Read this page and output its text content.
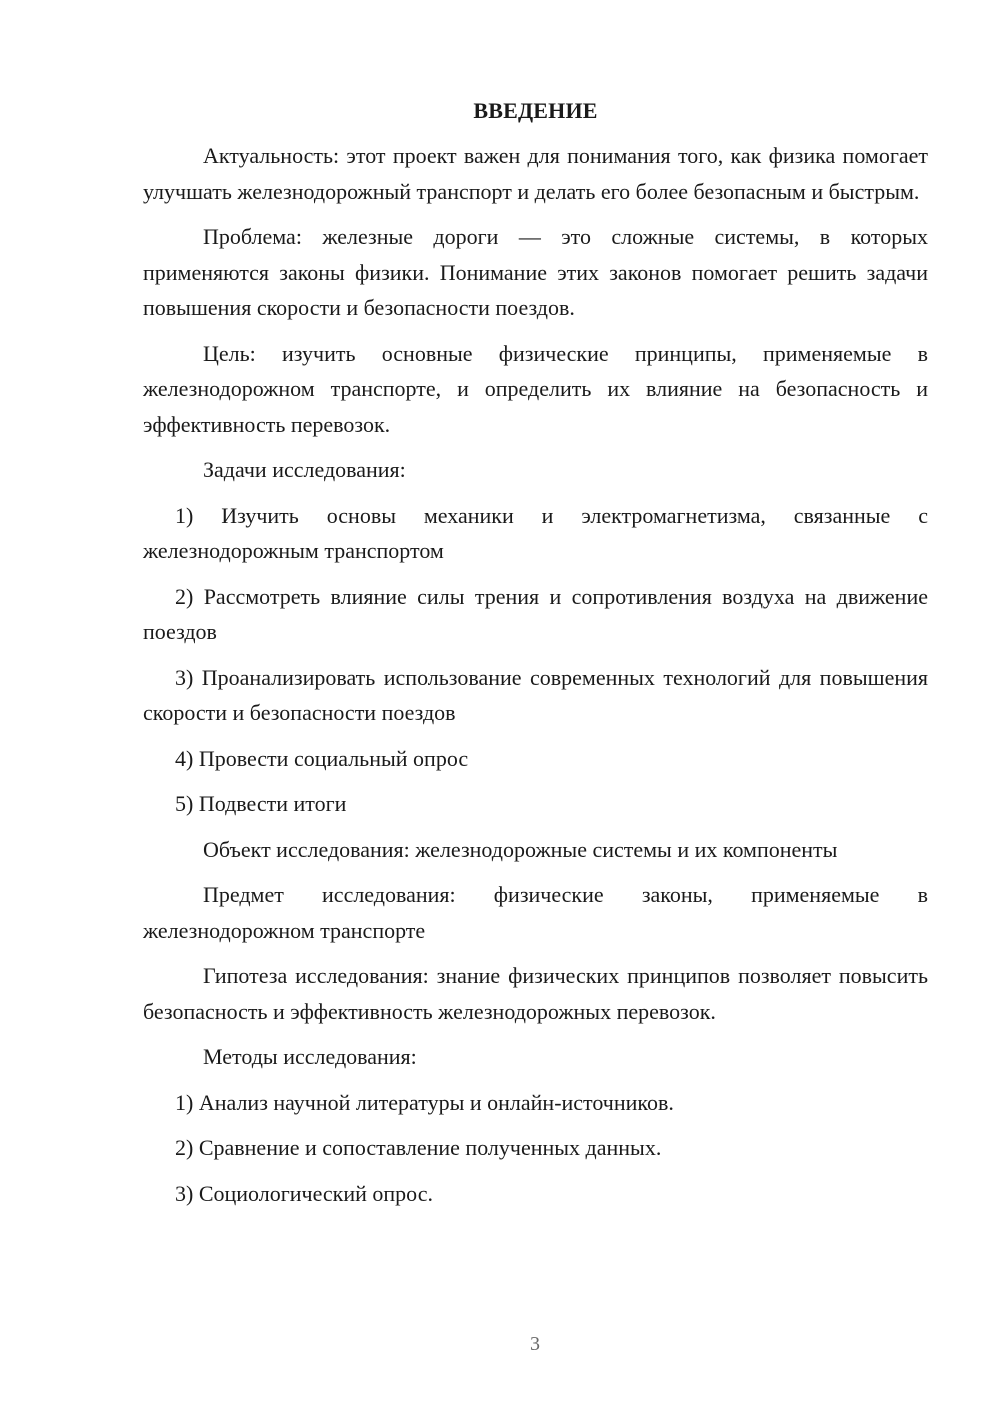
ВВЕДЕНИЕ

Актуальность: этот проект важен для понимания того, как физика помогает улучшать железнодорожный транспорт и делать его более безопасным и быстрым.

Проблема: железные дороги — это сложные системы, в которых применяются законы физики. Понимание этих законов помогает решить задачи повышения скорости и безопасности поездов.

Цель: изучить основные физические принципы, применяемые в железнодорожном транспорте, и определить их влияние на безопасность и эффективность перевозок.

Задачи исследования:

1) Изучить основы механики и электромагнетизма, связанные с железнодорожным транспортом

2) Рассмотреть влияние силы трения и сопротивления воздуха на движение поездов

3) Проанализировать использование современных технологий для повышения скорости и безопасности поездов

4) Провести социальный опрос

5) Подвести итоги

Объект исследования: железнодорожные системы и их компоненты

Предмет исследования: физические законы, применяемые в железнодорожном транспорте

Гипотеза исследования: знание физических принципов позволяет повысить безопасность и эффективность железнодорожных перевозок.

Методы исследования:

1) Анализ научной литературы и онлайн-источников.

2) Сравнение и сопоставление полученных данных.

3) Социологический опрос.

3
